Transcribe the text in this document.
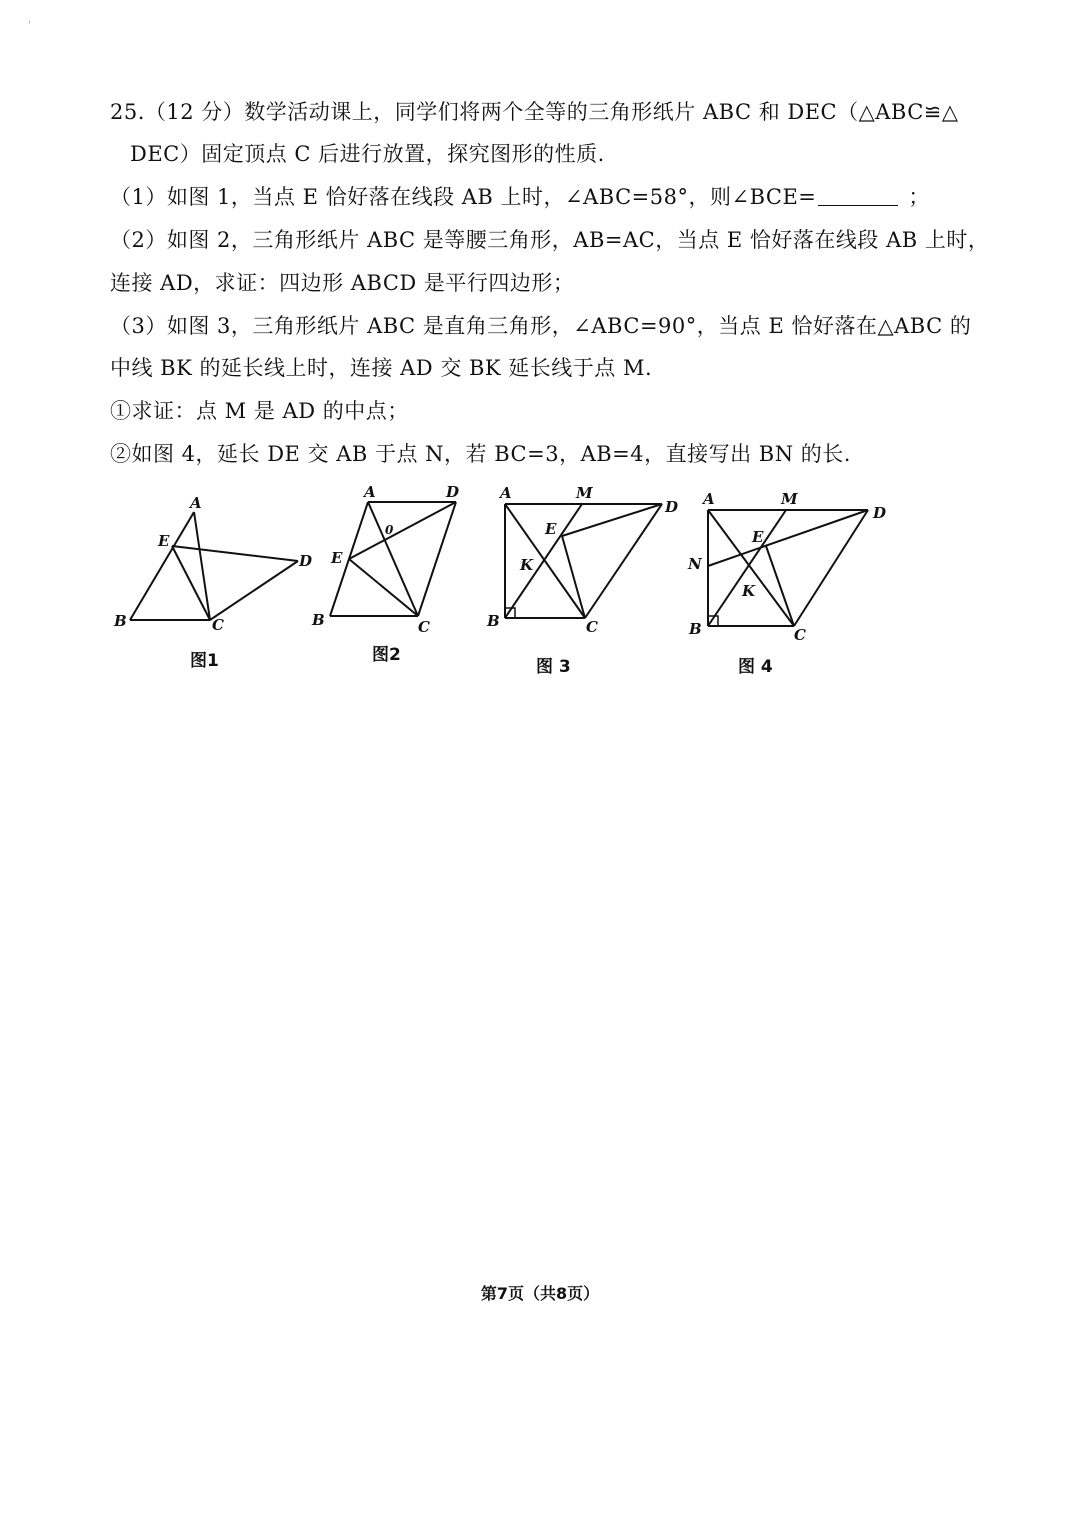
'
25.（12 分）数学活动课上，同学们将两个全等的三角形纸片 ABC 和 DEC（△ABC≌△
DEC）固定顶点 C 后进行放置，探究图形的性质.
（1）如图 1，当点 E 恰好落在线段 AB 上时，∠ABC=58°，则∠BCE=	；
（2）如图 2，三角形纸片 ABC 是等腰三角形，AB=AC，当点 E 恰好落在线段 AB 上时，
连接 AD，求证：四边形 ABCD 是平行四边形；
（3）如图 3，三角形纸片 ABC 是直角三角形，∠ABC=90°，当点 E 恰好落在△ABC 的
中线 BK 的延长线上时，连接 AD 交 BK 延长线于点 M.
①求证：点 M 是 AD 的中点；
②如图 4，延长 DE 交 AB 于点 N，若 BC=3，AB=4，直接写出 BN 的长.
A
B	C
D
E
图1
A	D
E
0
B	C
图2
A	M
D
E
K
B	C
图 3
A	M
D
E
N
K
B	C
图 4
第7页（共8页）
